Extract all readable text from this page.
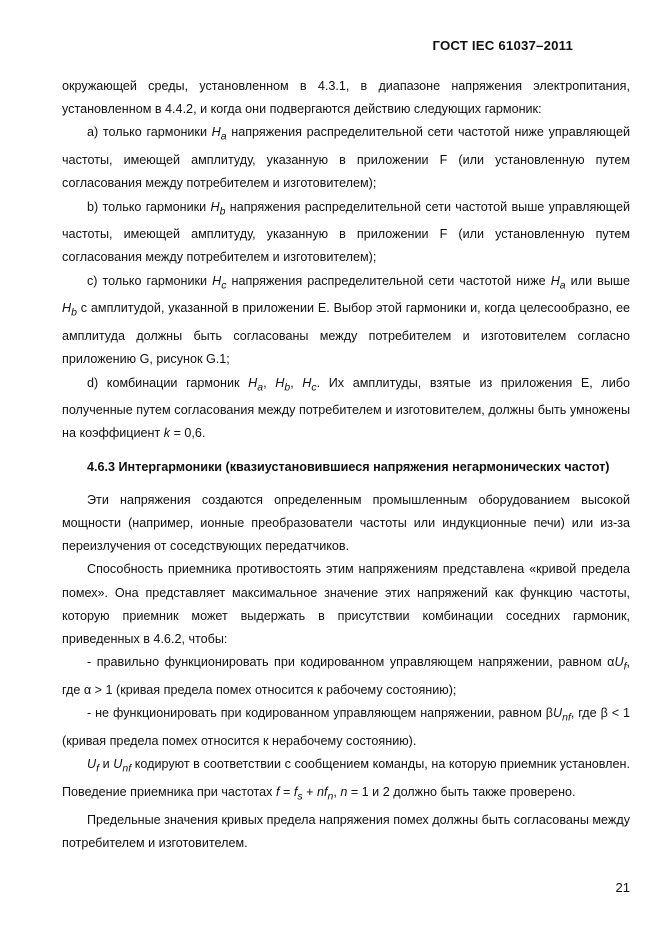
ГОСТ IEC 61037–2011

окружающей среды, установленном в 4.3.1, в диапазоне напряжения электропитания, установленном в 4.4.2, и когда они подвергаются действию следующих гармоник:

а) только гармоники $H_a$ напряжения распределительной сети частотой ниже управляющей частоты, имеющей амплитуду, указанную в приложении F (или установленную путем согласования между потребителем и изготовителем);

b) только гармоники $H_b$ напряжения распределительной сети частотой выше управляющей частоты, имеющей амплитуду, указанную в приложении F (или установленную путем согласования между потребителем и изготовителем);

с) только гармоники $H_c$ напряжения распределительной сети частотой ниже $H_a$ или выше $H_b$ с амплитудой, указанной в приложении Е. Выбор этой гармоники и, когда целесообразно, ее амплитуда должны быть согласованы между потребителем и изготовителем согласно приложению G, рисунок G.1;

d) комбинации гармоник $H_a$, $H_b$, $H_c$. Их амплитуды, взятые из приложения Е, либо полученные путем согласования между потребителем и изготовителем, должны быть умножены на коэффициент k = 0,6.

4.6.3 Интергармоники (квазиустановившиеся напряжения негармонических частот)

Эти напряжения создаются определенным промышленным оборудованием высокой мощности (например, ионные преобразователи частоты или индукционные печи) или из-за переизлучения от соседствующих передатчиков.

Способность приемника противостоять этим напряжениям представлена «кривой предела помех». Она представляет максимальное значение этих напряжений как функцию частоты, которую приемник может выдержать в присутствии комбинации соседних гармоник, приведенных в 4.6.2, чтобы:

- правильно функционировать при кодированном управляющем напряжении, равном $\alpha U_f$, где α > 1 (кривая предела помех относится к рабочему состоянию);

- не функционировать при кодированном управляющем напряжении, равном $\beta U_{nf}$, где β < 1 (кривая предела помех относится к нерабочему состоянию).

$U_f$ и $U_{nf}$ кодируют в соответствии с сообщением команды, на которую приемник установлен. Поведение приемника при частотах $f = f_s + nf_n$, n = 1 и 2 должно быть также проверено.

Предельные значения кривых предела напряжения помех должны быть согласованы между потребителем и изготовителем.

21
